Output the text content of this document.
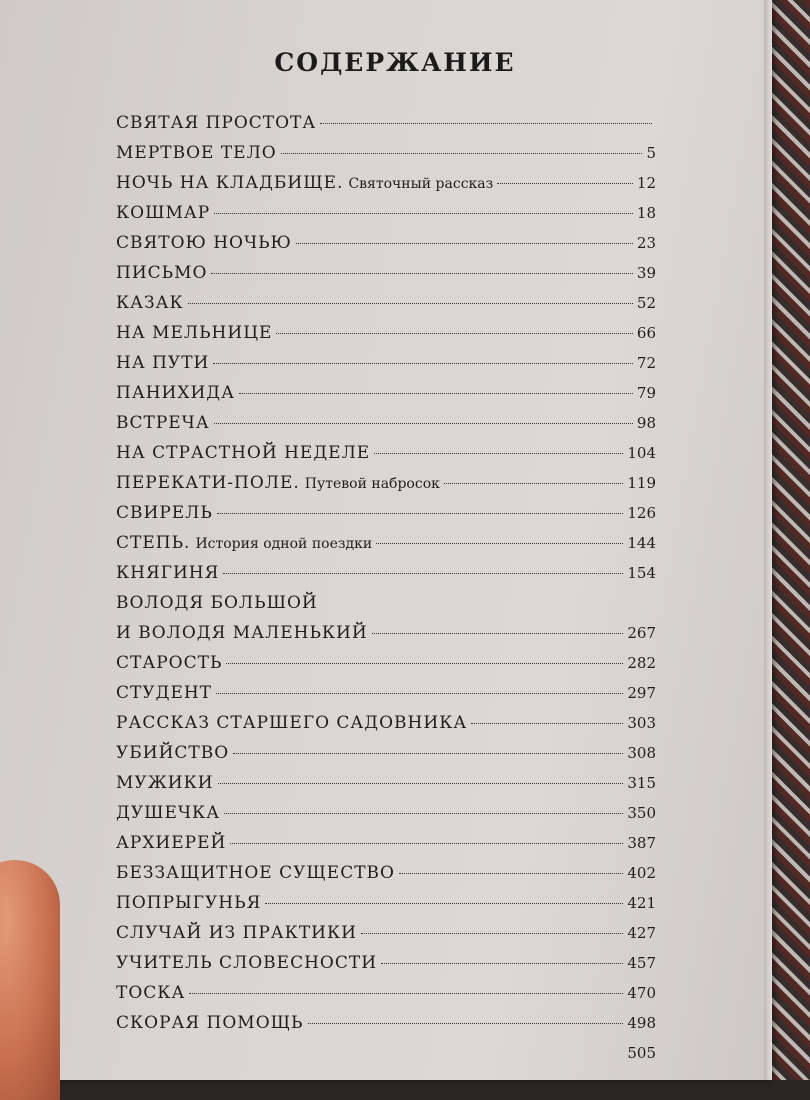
СОДЕРЖАНИЕ
СВЯТАЯ ПРОСТОТА
МЕРТВОЕ ТЕЛО	5
НОЧЬ НА КЛАДБИЩЕ. Святочный рассказ	12
КОШМАР	18
СВЯТОЮ НОЧЬЮ	23
ПИСЬМО	39
КАЗАК	52
НА МЕЛЬНИЦЕ	66
НА ПУТИ	72
ПАНИХИДА	79
ВСТРЕЧА	98
НА СТРАСТНОЙ НЕДЕЛЕ	104
ПЕРЕКАТИ-ПОЛЕ. Путевой набросок	119
СВИРЕЛЬ	126
СТЕПЬ. История одной поездки	144
КНЯГИНЯ	154
ВОЛОДЯ БОЛЬШОЙ
И ВОЛОДЯ МАЛЕНЬКИЙ	267
СТАРОСТЬ	282
СТУДЕНТ	297
РАССКАЗ СТАРШЕГО САДОВНИКА	303
УБИЙСТВО	308
МУЖИКИ	315
ДУШЕЧКА	350
АРХИЕРЕЙ	387
БЕЗЗАЩИТНОЕ СУЩЕСТВО	402
ПОПРЫГУНЬЯ	421
СЛУЧАЙ ИЗ ПРАКТИКИ	427
УЧИТЕЛЬ СЛОВЕСНОСТИ	457
ТОСКА	470
СКОРАЯ ПОМОЩЬ	498
505
